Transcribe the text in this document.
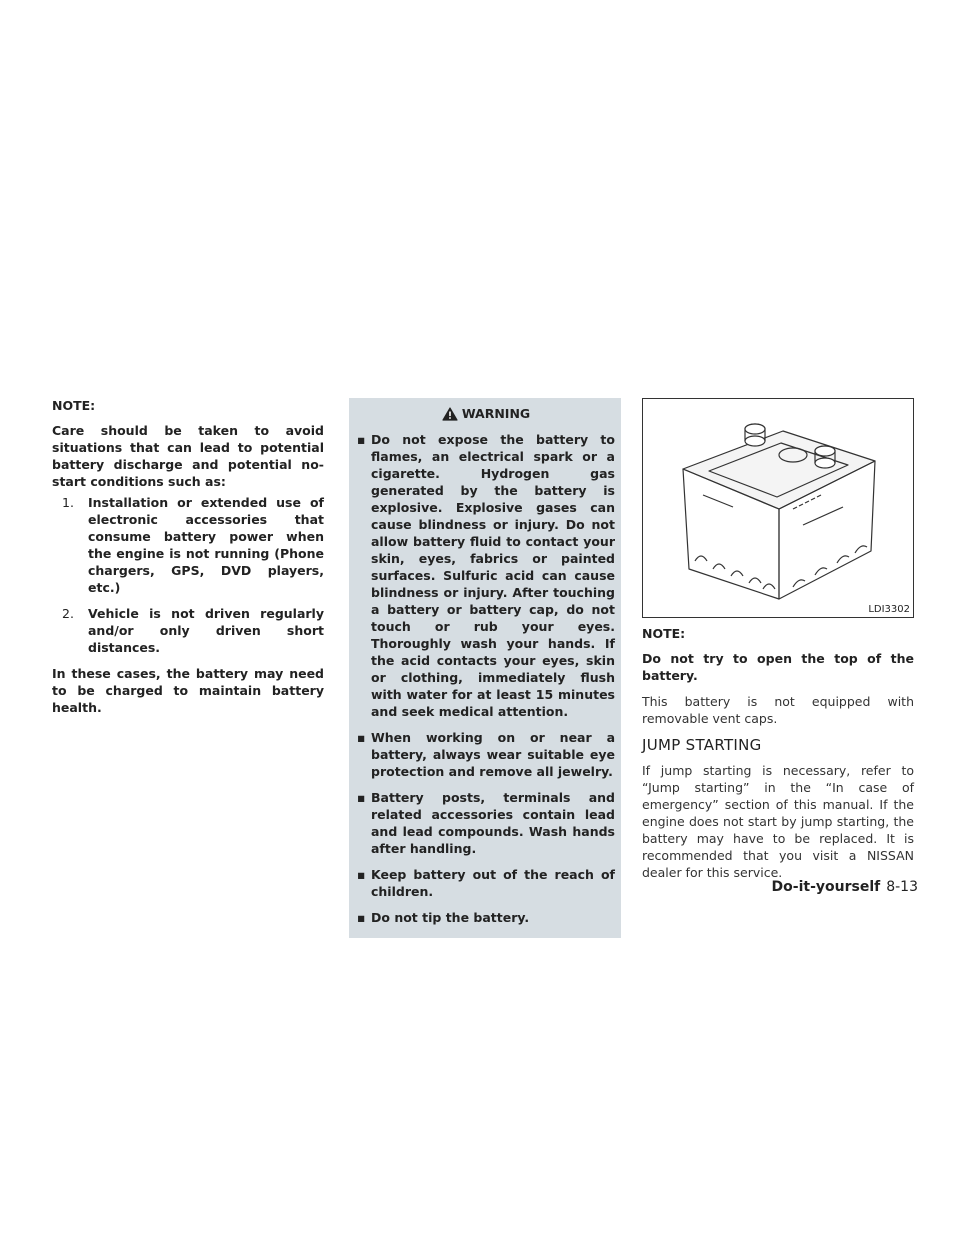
NOTE:

Care should be taken to avoid situations that can lead to potential battery discharge and potential no-start conditions such as:

1. Installation or extended use of electronic accessories that consume battery power when the engine is not running (Phone chargers, GPS, DVD players, etc.)
2. Vehicle is not driven regularly and/or only driven short distances.

In these cases, the battery may need to be charged to maintain battery health.

WARNING
▪ Do not expose the battery to flames, an electrical spark or a cigarette. Hydrogen gas generated by the battery is explosive. Explosive gases can cause blindness or injury. Do not allow battery fluid to contact your skin, eyes, fabrics or painted surfaces. Sulfuric acid can cause blindness or injury. After touching a battery or battery cap, do not touch or rub your eyes. Thoroughly wash your hands. If the acid contacts your eyes, skin or clothing, immediately flush with water for at least 15 minutes and seek medical attention.
▪ When working on or near a battery, always wear suitable eye protection and remove all jewelry.
▪ Battery posts, terminals and related accessories contain lead and lead compounds. Wash hands after handling.
▪ Keep battery out of the reach of children.
▪ Do not tip the battery.
LDI3302

NOTE:

Do not try to open the top of the battery.

This battery is not equipped with removable vent caps.

JUMP STARTING

If jump starting is necessary, refer to “Jump starting” in the “In case of emergency” section of this manual. If the engine does not start by jump starting, the battery may have to be replaced. It is recommended that you visit a NISSAN dealer for this service.

Do-it-yourself 8-13
